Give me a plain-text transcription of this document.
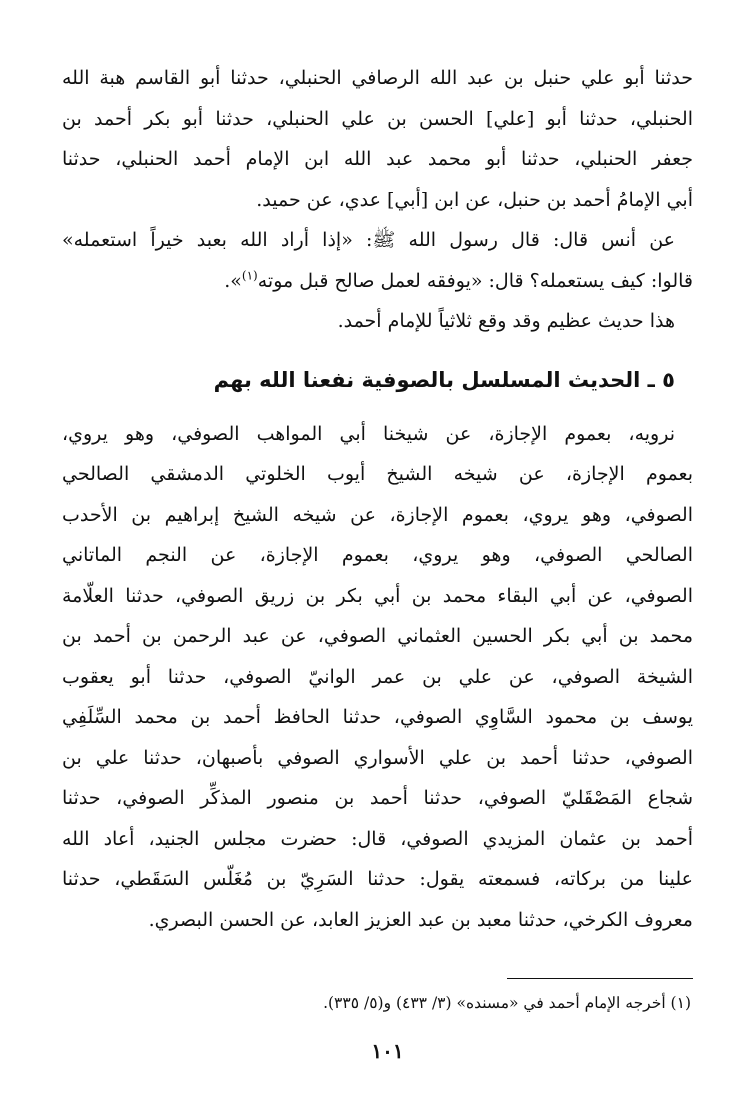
حدثنا أبو علي حنبل بن عبد الله الرصافي الحنبلي، حدثنا أبو القاسم هبة الله
الحنبلي، حدثنا أبو [علي] الحسن بن علي الحنبلي، حدثنا أبو بكر أحمد بن
جعفر الحنبلي، حدثنا أبو محمد عبد الله ابن الإمام أحمد الحنبلي، حدثنا
أبي الإمامُ أحمد بن حنبل، عن ابن [أبي] عدي، عن حميد.
عن أنس قال: قال رسول الله ﷺ: «إذا أراد الله بعبد خيراً استعمله»
قالوا: كيف يستعمله؟ قال: «يوفقه لعمل صالح قبل موته$^{(١)}$».
هذا حديث عظيم وقد وقع ثلاثياً للإمام أحمد.
٥ ـ الحديث المسلسل بالصوفية نفعنا الله بهم
نرويه، بعموم الإجازة، عن شيخنا أبي المواهب الصوفي، وهو يروي،
بعموم الإجازة، عن شيخه الشيخ أيوب الخلوتي الدمشقي الصالحي
الصوفي، وهو يروي، بعموم الإجازة، عن شيخه الشيخ إبراهيم بن الأحدب
الصالحي الصوفي، وهو يروي، بعموم الإجازة، عن النجم الماتاني
الصوفي، عن أبي البقاء محمد بن أبي بكر بن زريق الصوفي، حدثنا العلّامة
محمد بن أبي بكر الحسين العثماني الصوفي، عن عبد الرحمن بن أحمد بن
الشيخة الصوفي، عن علي بن عمر الوانيّ الصوفي، حدثنا أبو يعقوب
يوسف بن محمود السَّاوِي الصوفي، حدثنا الحافظ أحمد بن محمد السِّلَفِي
الصوفي، حدثنا أحمد بن علي الأسواري الصوفي بأصبهان، حدثنا علي بن
شجاع المَصْقَليّ الصوفي، حدثنا أحمد بن منصور المذكِّر الصوفي، حدثنا
أحمد بن عثمان المزيدي الصوفي، قال: حضرت مجلس الجنيد، أعاد الله
علينا من بركاته، فسمعته يقول: حدثنا السَرِيّ بن مُغَلّس السَقَطي، حدثنا
معروف الكرخي، حدثنا معبد بن عبد العزيز العابد، عن الحسن البصري.
(١) أخرجه الإمام أحمد في «مسنده» (٣/ ٤٣٣) و(٥/ ٣٣٥).
١٠١
